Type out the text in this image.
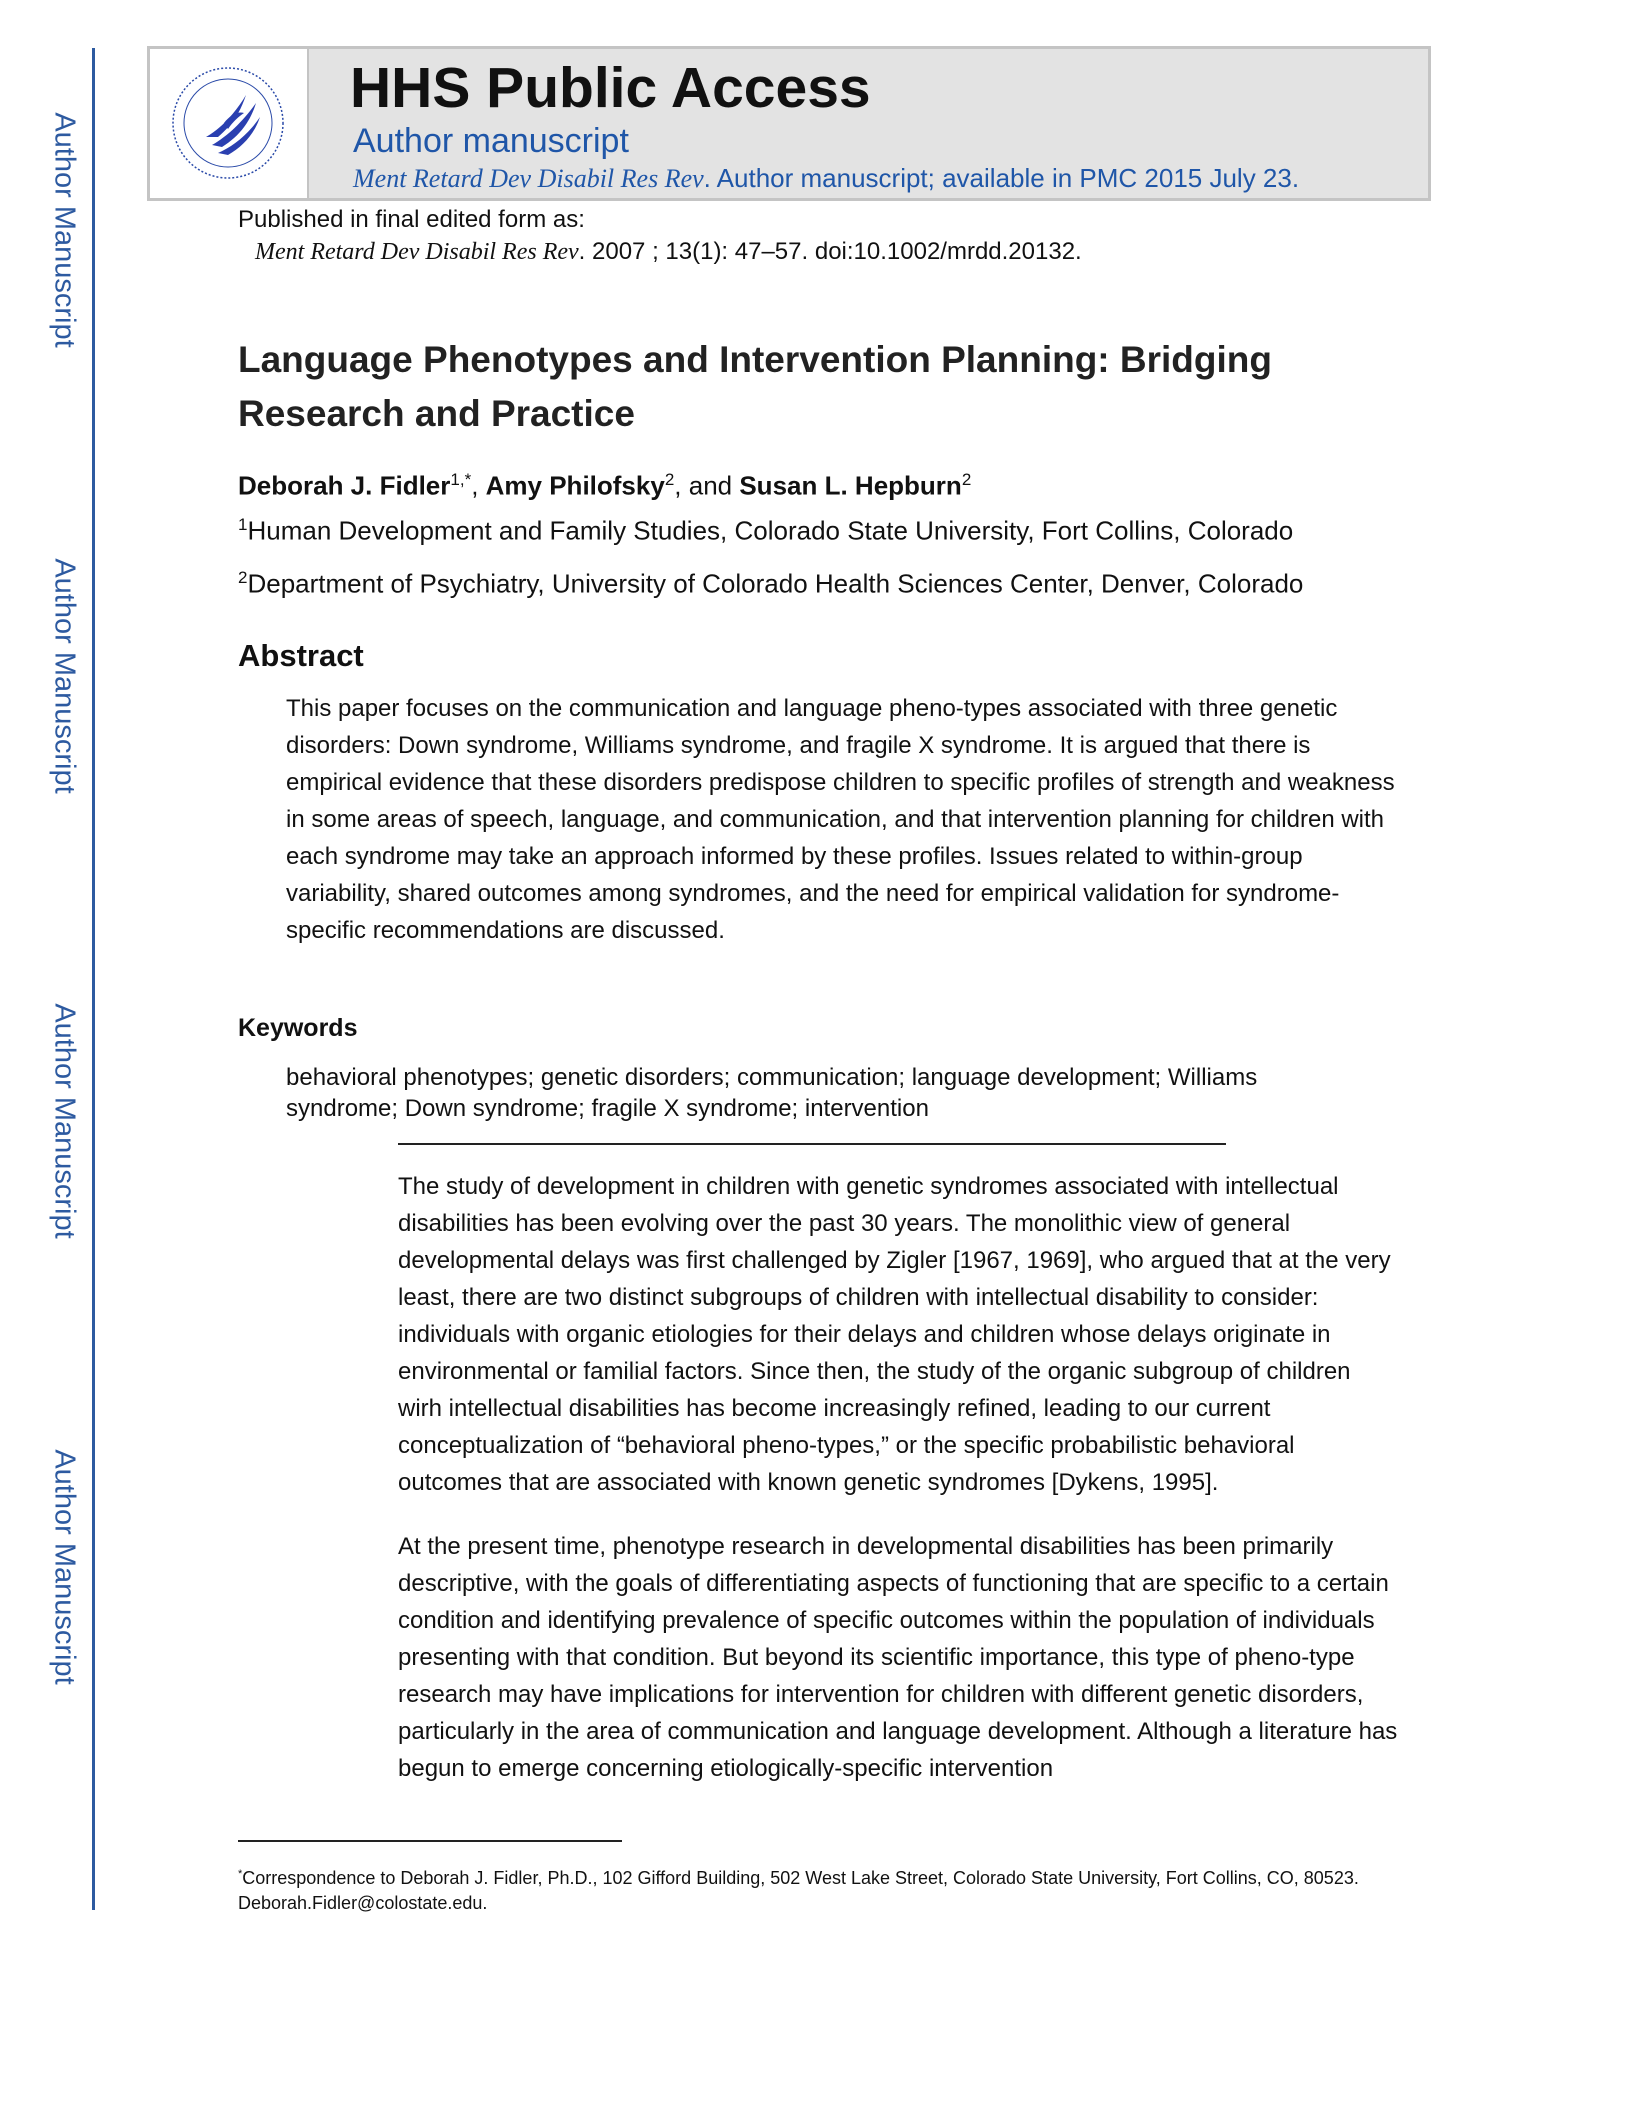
Author Manuscript
Author Manuscript
Author Manuscript
Author Manuscript
HHS Public Access
Author manuscript
Ment Retard Dev Disabil Res Rev. Author manuscript; available in PMC 2015 July 23.
Published in final edited form as:
Ment Retard Dev Disabil Res Rev. 2007 ; 13(1): 47–57. doi:10.1002/mrdd.20132.
Language Phenotypes and Intervention Planning: Bridging Research and Practice
Deborah J. Fidler$^{1,*}$, Amy Philofsky$^2$, and Susan L. Hepburn$^2$
$^1$Human Development and Family Studies, Colorado State University, Fort Collins, Colorado
$^2$Department of Psychiatry, University of Colorado Health Sciences Center, Denver, Colorado
Abstract
This paper focuses on the communication and language pheno-types associated with three genetic disorders: Down syndrome, Williams syndrome, and fragile X syndrome. It is argued that there is empirical evidence that these disorders predispose children to specific profiles of strength and weakness in some areas of speech, language, and communication, and that intervention planning for children with each syndrome may take an approach informed by these profiles. Issues related to within-group variability, shared outcomes among syndromes, and the need for empirical validation for syndrome-specific recommendations are discussed.
Keywords
behavioral phenotypes; genetic disorders; communication; language development; Williams syndrome; Down syndrome; fragile X syndrome; intervention

The study of development in children with genetic syndromes associated with intellectual disabilities has been evolving over the past 30 years. The monolithic view of general developmental delays was first challenged by Zigler [1967, 1969], who argued that at the very least, there are two distinct subgroups of children with intellectual disability to consider: individuals with organic etiologies for their delays and children whose delays originate in environmental or familial factors. Since then, the study of the organic subgroup of children wirh intellectual disabilities has become increasingly refined, leading to our current conceptualization of “behavioral pheno-types,” or the specific probabilistic behavioral outcomes that are associated with known genetic syndromes [Dykens, 1995].

At the present time, phenotype research in developmental disabilities has been primarily descriptive, with the goals of differentiating aspects of functioning that are specific to a certain condition and identifying prevalence of specific outcomes within the population of individuals presenting with that condition. But beyond its scientific importance, this type of pheno-type research may have implications for intervention for children with different genetic disorders, particularly in the area of communication and language development. Although a literature has begun to emerge concerning etiologically-specific intervention

*Correspondence to Deborah J. Fidler, Ph.D., 102 Gifford Building, 502 West Lake Street, Colorado State University, Fort Collins, CO, 80523. Deborah.Fidler@colostate.edu.
